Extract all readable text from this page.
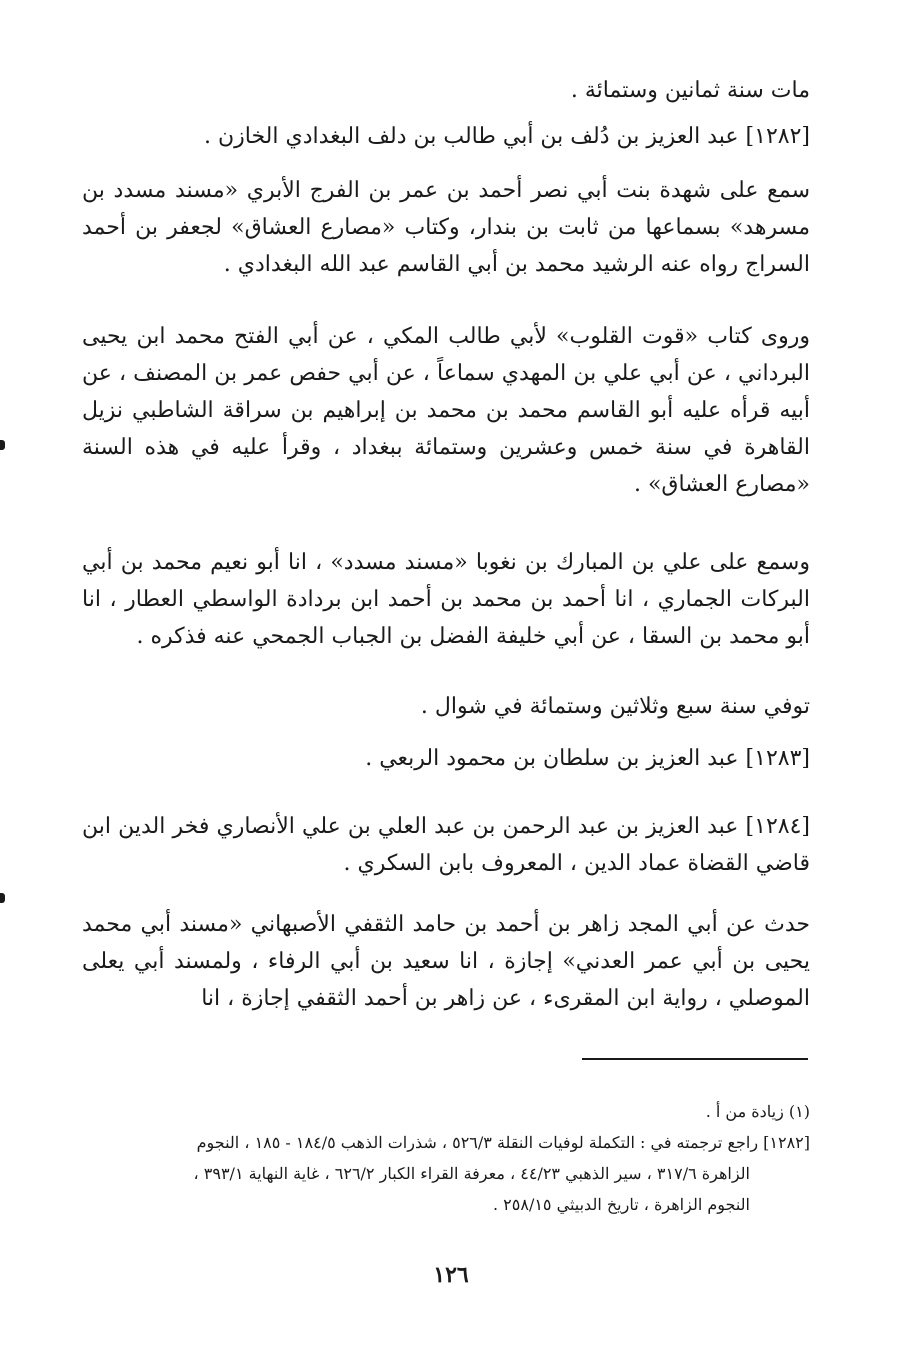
مات سنة ثمانين وستمائة .
[١٢٨٢] عبد العزيز بن دُلف بن أبي طالب بن دلف البغدادي الخازن .

سمع على شهدة بنت أبي نصر أحمد بن عمر بن الفرج الأبري «مسند مسدد بن مسرهد» بسماعها من ثابت بن بندار، وكتاب «مصارع العشاق» لجعفر بن أحمد السراج رواه عنه الرشيد محمد بن أبي القاسم عبد الله البغدادي .

وروى كتاب «قوت القلوب» لأبي طالب المكي ، عن أبي الفتح محمد ابن يحيى البرداني ، عن أبي علي بن المهدي سماعاً ، عن أبي حفص عمر بن المصنف ، عن أبيه قرأه عليه أبو القاسم محمد بن محمد بن إبراهيم بن سراقة الشاطبي نزيل القاهرة في سنة خمس وعشرين وستمائة ببغداد ، وقرأ عليه في هذه السنة «مصارع العشاق» .

وسمع على علي بن المبارك بن نغوبا «مسند مسدد» ، انا أبو نعيم محمد بن أبي البركات الجماري ، انا أحمد بن محمد بن أحمد ابن بردادة الواسطي العطار ، انا أبو محمد بن السقا ، عن أبي خليفة الفضل بن الجباب الجمحي عنه فذكره .

توفي سنة سبع وثلاثين وستمائة في شوال .
[١٢٨٣] عبد العزيز بن سلطان بن محمود الربعي .

[١٢٨٤] عبد العزيز بن عبد الرحمن بن عبد العلي بن علي الأنصاري فخر الدين ابن قاضي القضاة عماد الدين ، المعروف بابن السكري .

حدث عن أبي المجد زاهر بن أحمد بن حامد الثقفي الأصبهاني «مسند أبي محمد يحيى بن أبي عمر العدني» إجازة ، انا سعيد بن أبي الرفاء ، ولمسند أبي يعلى الموصلي ، رواية ابن المقرىء ، عن زاهر بن أحمد الثقفي إجازة ، انا

(١) زيادة من أ .

[١٢٨٢] راجع ترجمته في : التكملة لوفيات النقلة ٥٢٦/٣ ، شذرات الذهب ١٨٤/٥ - ١٨٥ ، النجوم

الزاهرة ٣١٧/٦ ، سير الذهبي ٤٤/٢٣ ، معرفة القراء الكبار ٦٢٦/٢ ، غاية النهاية ٣٩٣/١ ،

النجوم الزاهرة ، تاريخ الدبيثي ٢٥٨/١٥ .

١٢٦
